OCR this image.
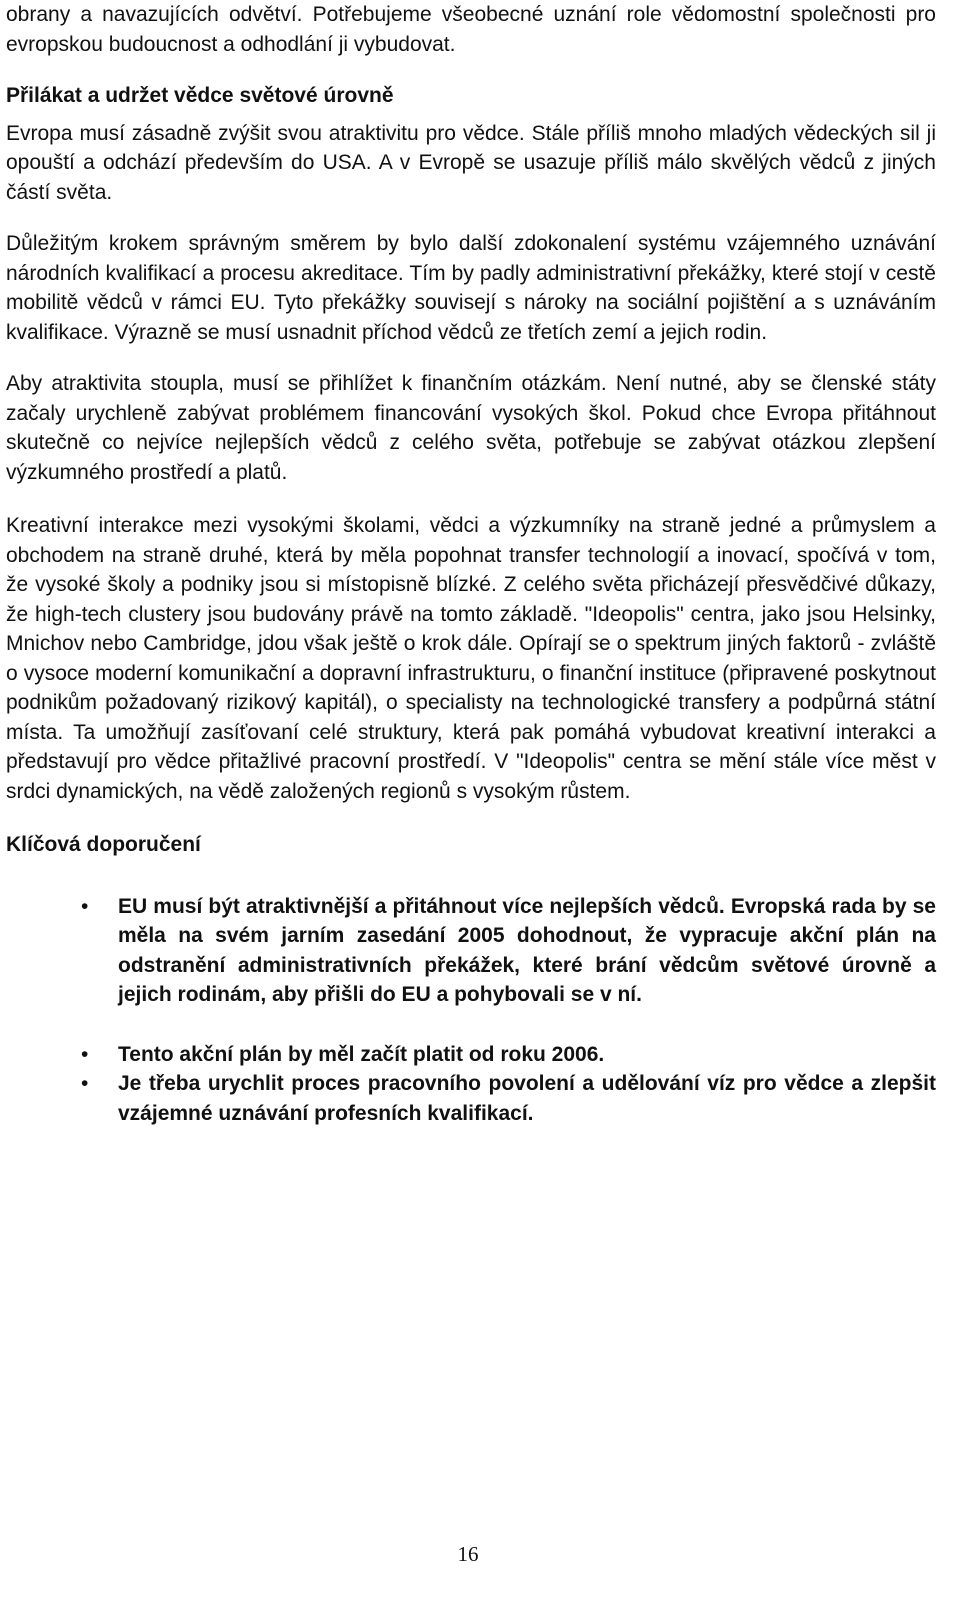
obrany a navazujících odvětví. Potřebujeme všeobecné uznání role vědomostní společnosti pro evropskou budoucnost a odhodlání ji vybudovat.

Přilákat a udržet vědce světové úrovně

Evropa musí zásadně zvýšit svou atraktivitu pro vědce. Stále příliš mnoho mladých vědeckých sil ji opouští a odchází především do USA. A v Evropě se usazuje příliš málo skvělých vědců z jiných částí světa.

Důležitým krokem správným směrem by bylo další zdokonalení systému vzájemného uznávání národních kvalifikací a procesu akreditace. Tím by padly administrativní překážky, které stojí v cestě mobilitě vědců v rámci EU. Tyto překážky souvisejí s nároky na sociální pojištění a s uznáváním kvalifikace. Výrazně se musí usnadnit příchod vědců ze třetích zemí a jejich rodin.

Aby atraktivita stoupla, musí se přihlížet k finančním otázkám. Není nutné, aby se členské státy začaly urychleně zabývat problémem financování vysokých škol. Pokud chce Evropa přitáhnout skutečně co nejvíce nejlepších vědců z celého světa, potřebuje se zabývat otázkou zlepšení výzkumného prostředí a platů.

Kreativní interakce mezi vysokými školami, vědci a výzkumníky na straně jedné a průmyslem a obchodem na straně druhé, která by měla popohnat transfer technologií a inovací, spočívá v tom, že vysoké školy a podniky jsou si místopisně blízké. Z celého světa přicházejí přesvědčivé důkazy, že high-tech clustery jsou budovány právě na tomto základě. "Ideopolis" centra, jako jsou Helsinky, Mnichov nebo Cambridge, jdou však ještě o krok dále. Opírají se o spektrum jiných faktorů - zvláště o vysoce moderní komunikační a dopravní infrastrukturu, o finanční instituce (připravené poskytnout podnikům požadovaný rizikový kapitál), o specialisty na technologické transfery a podpůrná státní místa. Ta umožňují zasíťovaní celé struktury, která pak pomáhá vybudovat kreativní interakci a představují pro vědce přitažlivé pracovní prostředí. V "Ideopolis" centra se mění stále více měst v srdci dynamických, na vědě založených regionů s vysokým růstem.

Klíčová doporučení
• EU musí být atraktivnější a přitáhnout více nejlepších vědců. Evropská rada by se měla na svém jarním zasedání 2005 dohodnout, že vypracuje akční plán na odstranění administrativních překážek, které brání vědcům světové úrovně a jejich rodinám, aby přišli do EU a pohybovali se v ní.
• Tento akční plán by měl začít platit od roku 2006.
• Je třeba urychlit proces pracovního povolení a udělování víz pro vědce a zlepšit vzájemné uznávání profesních kvalifikací.
16
